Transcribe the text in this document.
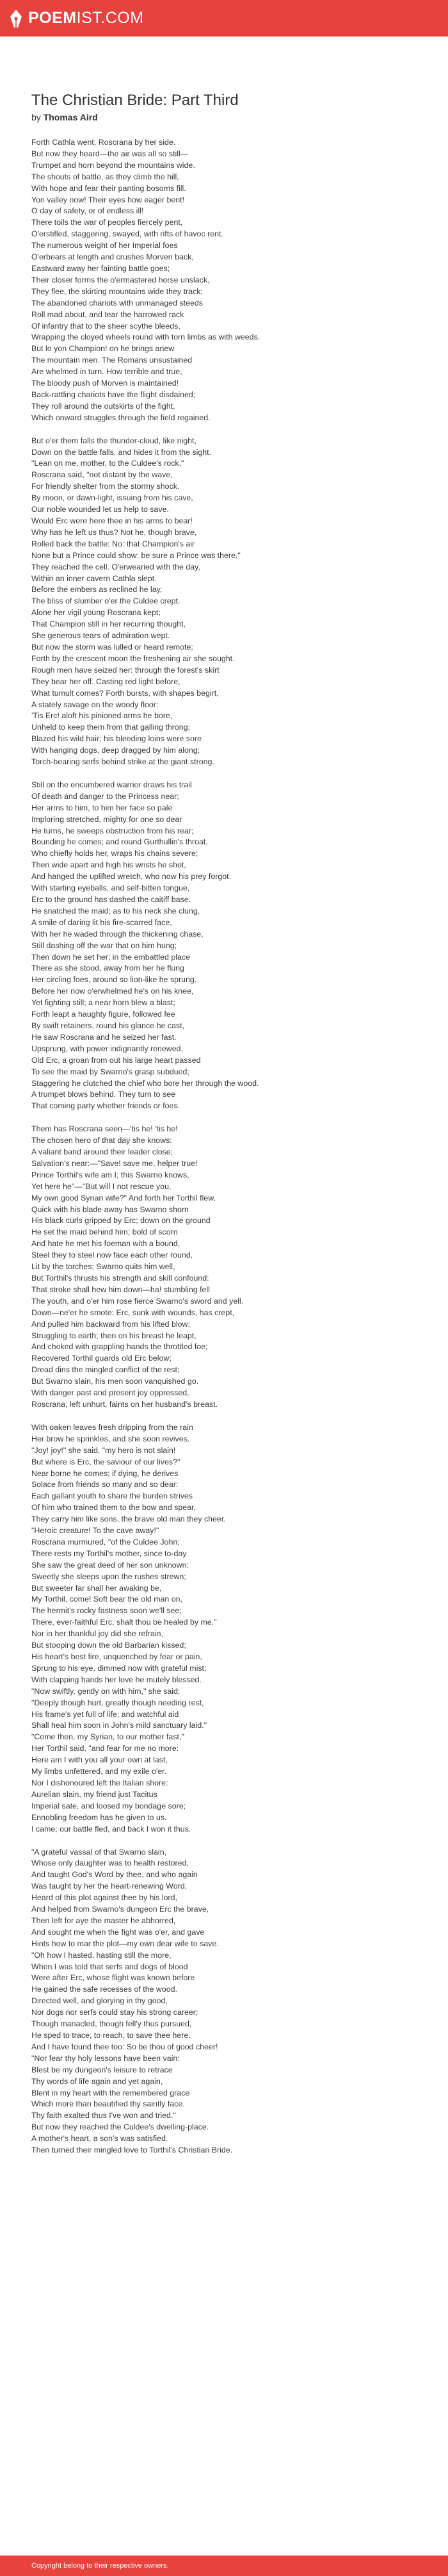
POEMIST.COM
The Christian Bride: Part Third
by Thomas Aird
Forth Cathla went, Roscrana by her side.
But now they heard—the air was all so still—
Trumpet and horn beyond the mountains wide.
The shouts of battle, as they climb the hill,
With hope and fear their panting bosoms fill.
Yon valley now! Their eyes how eager bent!
O day of safety, or of endless ill!
There toils the war of peoples fiercely pent,
O'erstifled, staggering, swayed, with rifts of havoc rent.
The numerous weight of her Imperial foes
O'erbears at length and crushes Morven back,
Eastward away her fainting battle goes;
Their closer forms the o'ermastered horse unslack,
They flee, the skirting mountains wide they track;
The abandoned chariots with unmanaged steeds
Roll mad about, and tear the harrowed rack
Of infantry that to the sheer scythe bleeds,
Wrapping the cloyed wheels round with torn limbs as with weeds.
But lo yon Champion! on he brings anew
The mountain men. The Romans unsustained
Are whelmed in turn. How terrible and true,
The bloody push of Morven is maintained!
Back-rattling chariots have the flight disdained;
They roll around the outskirts of the fight,
Which onward struggles through the field regained.
But o'er them falls the thunder-cloud, like night,
Down on the battle falls, and hides it from the sight.
"Lean on me, mother, to the Culdee's rock,"
Roscrana said, "not distant by the wave,
For friendly shelter from the stormy shock.
By moon, or dawn-light, issuing from his cave,
Our noble wounded let us help to save.
Would Erc were here thee in his arms to bear!
Why has he left us thus? Not he, though brave,
Rolled back the battle: No: that Champion's air
None but a Prince could show: be sure a Prince was there."
They reached the cell. O'erwearied with the day,
Within an inner cavern Cathla slept.
Before the embers as reclined he lay,
The bliss of slumber o'er the Culdee crept.
Alone her vigil young Roscrana kept;
That Champion still in her recurring thought,
She generous tears of admiration wept.
But now the storm was lulled or heard remote;
Forth by the crescent moon the freshening air she sought.
Rough men have seized her: through the forest's skirt
They bear her off. Casting red light before,
What tumult comes? Forth bursts, with shapes begirt,
A stately savage on the woody floor:
'Tis Erc! aloft his pinioned arms he bore,
Unheld to keep them from that galling throng;
Blazed his wild hair; his bleeding loins were sore
With hanging dogs, deep dragged by him along;
Torch-bearing serfs behind strike at the giant strong.
Still on the encumbered warrior draws his trail
Of death and danger to the Princess near;
Her arms to him, to him her face so pale
Imploring stretched, mighty for one so dear
He turns, he sweeps obstruction from his rear;
Bounding he comes; and round Gurthullin's throat,
Who chiefly holds her, wraps his chains severe;
Then wide apart and high his wrists he shot,
And hanged the uplifted wretch, who now his prey forgot.
With starting eyeballs, and self-bitten tongue,
Erc to the ground has dashed the caitiff base.
He snatched the maid; as to his neck she clung,
A smile of daring lit his fire-scarred face,
With her he waded through the thickening chase,
Still dashing off the war that on him hung;
Then down he set her; in the embattled place
There as she stood, away from her he flung
Her circling foes, around so lion-like he sprung.
Before her now o'erwhelmed he's on his knee,
Yet fighting still; a near horn blew a blast;
Forth leapt a haughty figure, followed fee
By swift retainers, round his glance he cast,
He saw Roscrana and he seized her fast.
Upsprung, with power indignantly renewed,
Old Erc, a groan from out his large heart passed
To see the maid by Swarno's grasp subdued;
Staggering he clutched the chief who bore her through the wood.
A trumpet blows behind. They turn to see
That coming party whether friends or foes.
Them has Roscrana seen—'tis he! 'tis he!
The chosen hero of that day she knows:
A valiant band around their leader close;
Salvation's near:—"Save! save me, helper true!
Prince Torthil's wife am I; this Swarno knows,
Yet here he"—"But will I not rescue you,
My own good Syrian wife?" And forth her Torthil flew.
Quick with his blade away has Swarno shorn
His black curls gripped by Erc; down on the ground
He set the maid behind him; bold of scorn
And hate he met his foeman with a bound,
Steel they to steel now face each other round,
Lit by the torches; Swarno quits him well,
But Torthil's thrusts his strength and skill confound:
That stroke shall hew him down—ha! stumbling fell
The youth, and o'er him rose fierce Swarno's sword and yell.
Down—ne'er he smote: Erc, sunk with wounds, has crept,
And pulled him backward from his lifted blow;
Struggling to earth; then on his breast he leapt,
And choked with grappling hands the throttled foe;
Recovered Torthil guards old Erc below;
Dread dins the mingled conflict of the rest;
But Swarno slain, his men soon vanquished go.
With danger past and present joy oppressed,
Roscrana, left unhurt, faints on her husband's breast.
With oaken leaves fresh dripping from the rain
Her brow he sprinkles, and she soon revives.
"Joy! joy!" she said, "my hero is not slain!
But where is Erc, the saviour of our lives?"
Near borne he comes; if dying, he derives
Solace from friends so many and so dear:
Each gallant youth to share the burden strives
Of him who trained them to the bow and spear,
They carry him like sons, the brave old man they cheer.
"Heroic creature! To the cave away!"
Roscrana murmured, "of the Culdee John;
There rests my Torthil's mother, since to-day
She saw the great deed of her son unknown:
Sweetly she sleeps upon the rushes strewn;
But sweeter far shall her awaking be,
My Torthil, come! Soft bear the old man on,
The hermit's rocky fastness soon we'll see;
There, ever-faithful Erc, shalt thou be healed by me."
Nor in her thankful joy did she refrain,
But stooping down the old Barbarian kissed;
His heart's best fire, unquenched by fear or pain,
Sprung to his eye, dimmed now with grateful mist;
With clapping hands her love he mutely blessed.
"Now swiftly, gently on with him," she said;
"Deeply though hurt, greatly though needing rest,
His frame's yet full of life; and watchful aid
Shall heal him soon in John's mild sanctuary laid."
"Come then, my Syrian, to our mother fast,"
Her Torthil said, "and fear for me no more:
Here am I with you all your own at last,
My limbs unfettered, and my exile o'er.
Nor I dishonoured left the Italian shore:
Aurelian slain, my friend just Tacitus
Imperial sate, and loosed my bondage sore;
Ennobling freedom has he given to us.
I came; our battle fled, and back I won it thus.
"A grateful vassal of that Swarno slain,
Whose only daughter was to health restored,
And taught God's Word by thee, and who again
Was taught by her the heart-renewing Word,
Heard of this plot against thee by his lord,
And helped from Swarno's dungeon Erc the brave,
Then left for aye the master he abhorred,
And sought me when the fight was o'er, and gave
Hints how to mar the plot—my own dear wife to save.
"Oh how I hasted, hasting still the more,
When I was told that serfs and dogs of blood
Were after Erc, whose flight was known before
He gained the safe recesses of the wood.
Directed well, and glorying in thy good,
Nor dogs nor serfs could stay his strong career;
Though manacled, though fell'y thus pursued,
He sped to trace, to reach, to save thee here.
And I have found thee too: So be thou of good cheer!
"Nor fear thy holy lessons have been vain:
Blest be my dungeon's leisure to retrace
Thy words of life again and yet again,
Blent in my heart with the remembered grace
Which more than beautified thy saintly face.
Thy faith exalted thus I've won and tried."
But now they reached the Culdee's dwelling-place.
A mother's heart, a son's was satisfied.
Then turned their mingled love to Torthil's Christian Bride.
Copyright belong to their respective owners.
